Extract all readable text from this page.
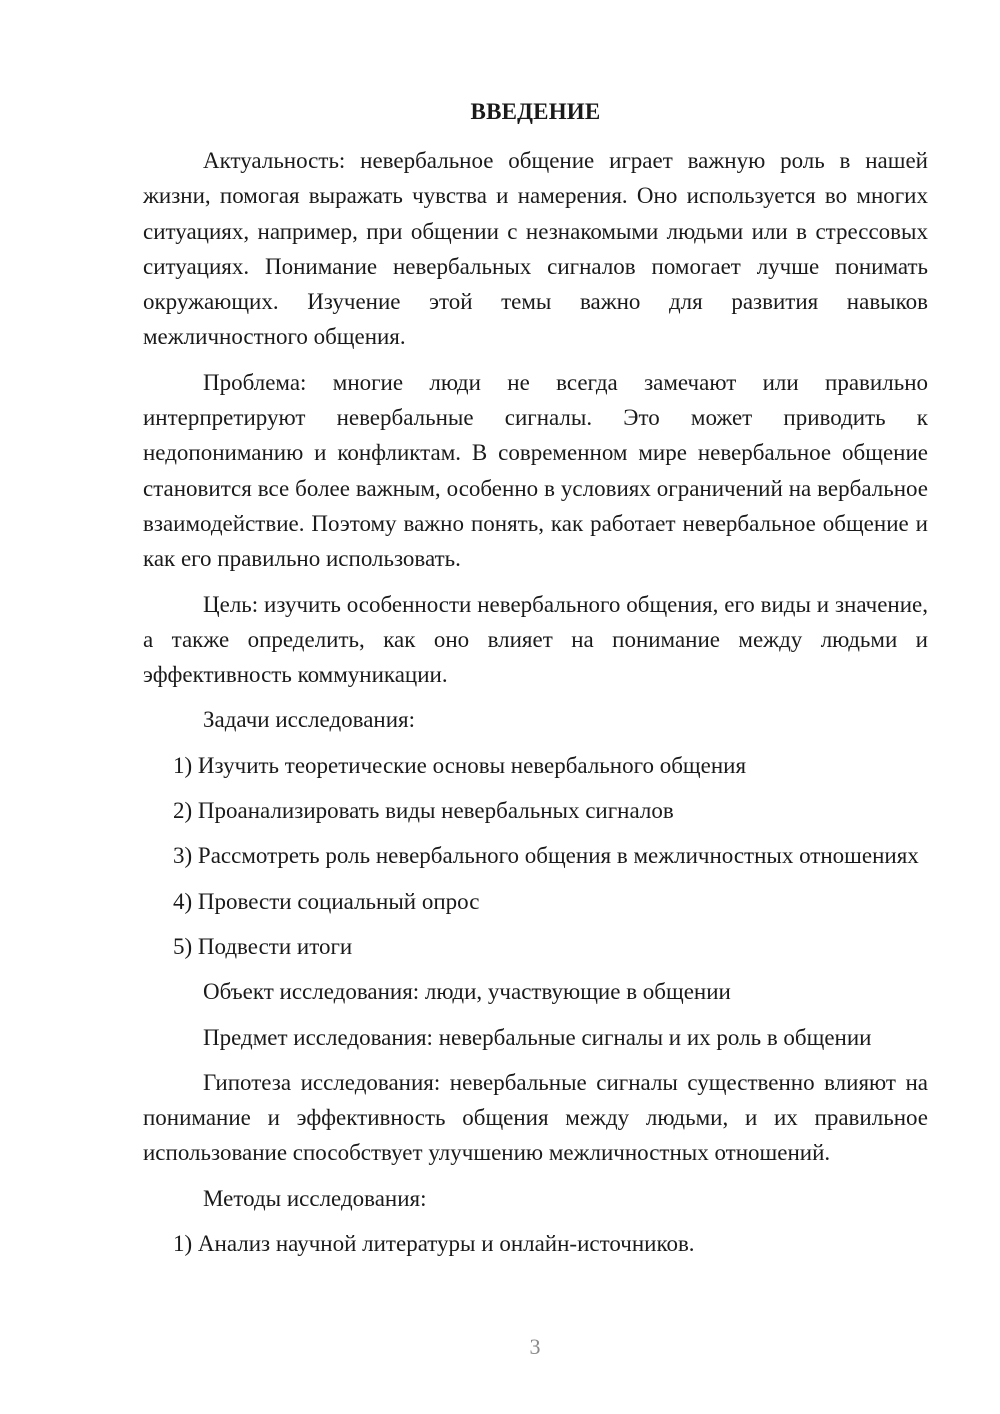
ВВЕДЕНИЕ

Актуальность: невербальное общение играет важную роль в нашей жизни, помогая выражать чувства и намерения. Оно используется во многих ситуациях, например, при общении с незнакомыми людьми или в стрессовых ситуациях. Понимание невербальных сигналов помогает лучше понимать окружающих. Изучение этой темы важно для развития навыков межличностного общения.

Проблема: многие люди не всегда замечают или правильно интерпретируют невербальные сигналы. Это может приводить к недопониманию и конфликтам. В современном мире невербальное общение становится все более важным, особенно в условиях ограничений на вербальное взаимодействие. Поэтому важно понять, как работает невербальное общение и как его правильно использовать.

Цель: изучить особенности невербального общения, его виды и значение, а также определить, как оно влияет на понимание между людьми и эффективность коммуникации.

Задачи исследования:

1) Изучить теоретические основы невербального общения

2) Проанализировать виды невербальных сигналов

3) Рассмотреть роль невербального общения в межличностных отношениях

4) Провести социальный опрос

5) Подвести итоги

Объект исследования: люди, участвующие в общении

Предмет исследования: невербальные сигналы и их роль в общении

Гипотеза исследования: невербальные сигналы существенно влияют на понимание и эффективность общения между людьми, и их правильное использование способствует улучшению межличностных отношений.

Методы исследования:

1) Анализ научной литературы и онлайн-источников.

3
